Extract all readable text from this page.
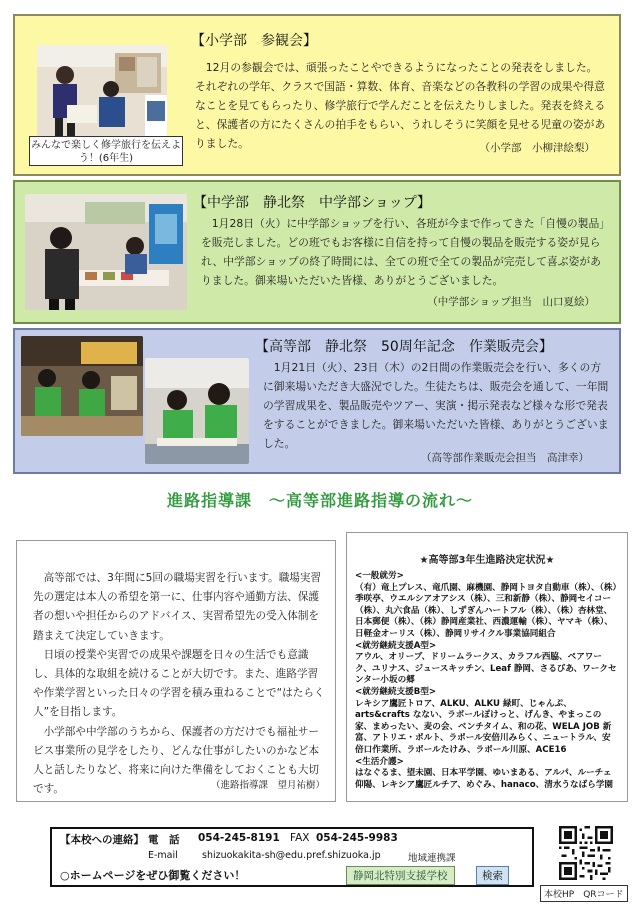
みんなで楽しく修学旅行を伝えよう！(6年生)
【小学部　参観会】
　12月の参観会では、頑張ったことやできるようになったことの発表をしました。それぞれの学年、クラスで国語・算数、体育、音楽などの各教科の学習の成果や得意なことを見てもらったり、修学旅行で学んだことを伝えたりしました。発表を終えると、保護者の方にたくさんの拍手をもらい、うれしそうに笑顔を見せる児童の姿がありました。	（小学部　小柳津絵梨）
【中学部　静北祭　中学部ショップ】
　1月28日（火）に中学部ショップを行い、各班が今まで作ってきた「自慢の製品」を販売しました。どの班でもお客様に自信を持って自慢の製品を販売する姿が見られ、中学部ショップの終了時間には、全ての班で全ての製品が完売して喜ぶ姿がありました。御来場いただいた皆様、ありがとうございました。
（中学部ショップ担当　山口夏絵）
【高等部　静北祭　50周年記念　作業販売会】
　1月21日（火）、23日（木）の2日間の作業販売会を行い、多くの方に御来場いただき大盛況でした。生徒たちは、販売会を通して、一年間の学習成果を、製品販売やツアー、実演・掲示発表など様々な形で発表をすることができました。御来場いただいた皆様、ありがとうございました。
（高等部作業販売会担当　高津幸）
進路指導課　～高等部進路指導の流れ～
　高等部では、3年間に5回の職場実習を行います。職場実習先の選定は本人の希望を第一に、仕事内容や通勤方法、保護者の想いや担任からのアドバイス、実習希望先の受入体制を踏まえて決定していきます。
　日頃の授業や実習での成果や課題を日々の生活でも意識し、具体的な取組を続けることが大切です。また、進路学習や作業学習といった日々の学習を積み重ねることで“はたらく人”を目指します。
　小学部や中学部のうちから、保護者の方だけでも福祉サービス事業所の見学をしたり、どんな仕事がしたいのかなど本人と話したりなど、将来に向けた準備をしておくことも大切です。	（進路指導課　望月祐樹）
★高等部3年生進路決定状況★
<一般就労>
（有）竜上プレス、竜爪園、麻機園、静岡トヨタ自動車（株）、（株）季咲亭、ウエルシアオアシス（株）、三和新静（株）、静岡セイコー（株）、丸六食品（株）、しずぎんハートフル（株）、（株）杏林堂、日本郵便（株）、（株）静岡産業社、西濃運輸（株）、ヤマキ（株）、日軽金オーリス（株）、静岡リサイクル事業協同組合
<就労継続支援A型>
アウル、オリーブ、ドリームラークス、カラフル西脇、ペアワーク、ユリナス、ジュースキッチン、Leaf 静岡、さるびあ、ワークセンター小坂の郷
<就労継続支援B型>
レキシア鷹匠トロア、ALKU、ALKU 緑町、じゃんぷ、arts&crafts なない、ラポールぽけっと、げんき、やまっこの家、まめったい、麦の会、ベンチタイム、和の花、WELA JOB 新富、アトリエ・ポルト、ラポール安倍川みらく、ニュートラル、安倍口作業所、ラポールたけみ、ラポール川原、ACE16
<生活介護>
はなぐるま、望未園、日本平学園、ゆいまある、アルパ、ルーチェ仰陽、レキシア鷹匠ルチア、めぐみ、hanaco、清水うなばら学園
【本校への連絡】 電　話 054-245-8191 FAX 054-245-9983
E-mail	shizuokakita-sh@edu.pref.shizuoka.jp	地域連携課
○ホームページをぜひ御覧ください！	静岡北特別支援学校	検索
本校HP　QRコード
